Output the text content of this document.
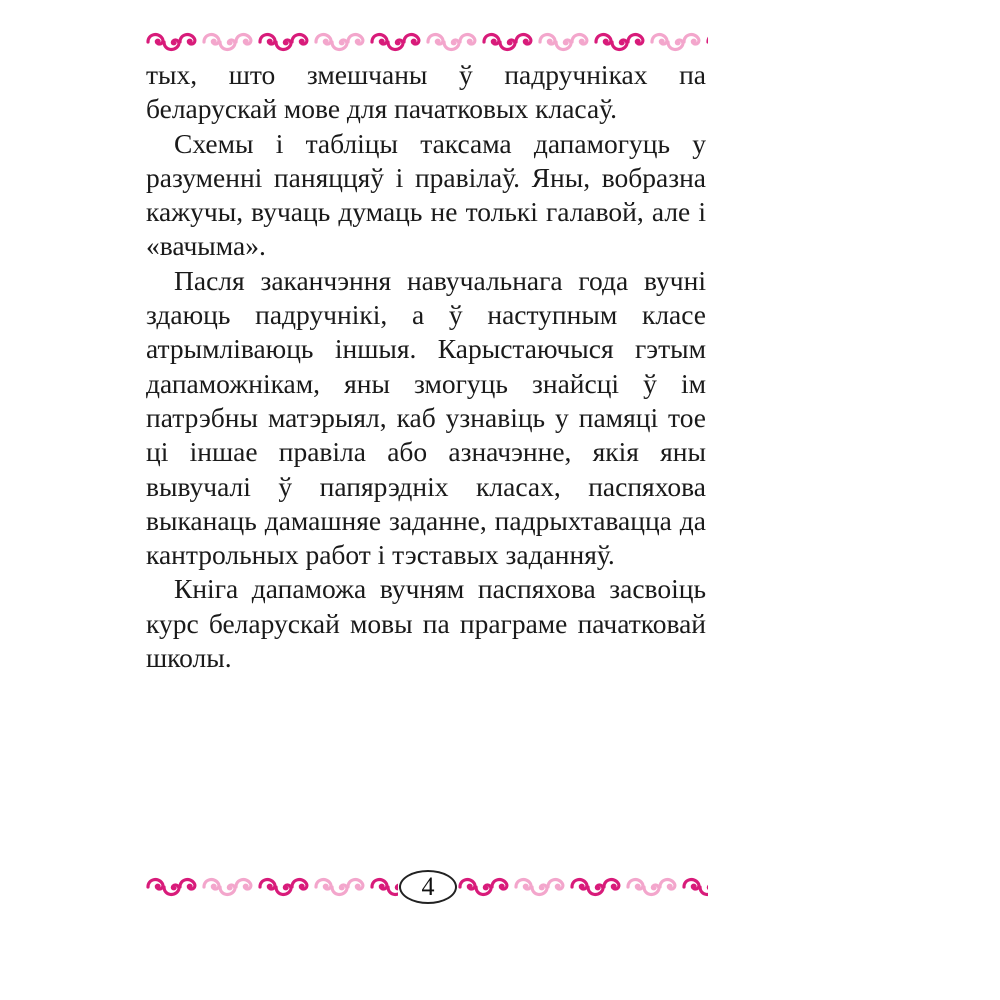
тых, што змешчаны ў падручніках па беларускай мове для пачатковых класаў.

Схемы і табліцы таксама дапамогуць у разуменні паняццяў і правілаў. Яны, вобразна кажучы, вучаць думаць не толькі галавой, але і «вачыма».

Пасля заканчэння навучальнага года вучні здаюць падручнікі, а ў наступным класе атрымліваюць іншыя. Карыстаючыся гэтым дапаможнікам, яны змогуць знайсці ў ім патрэбны матэрыял, каб узнавіць у памяці тое ці іншае правіла або азначэнне, якія яны вывучалі ў папярэдніх класах, паспяхова выканаць дамашняе заданне, падрыхтавацца да кантрольных работ і тэставых заданняў.

Кніга дапаможа вучням паспяхова засвоіць курс беларускай мовы па праграме пачатковай школы.

4
